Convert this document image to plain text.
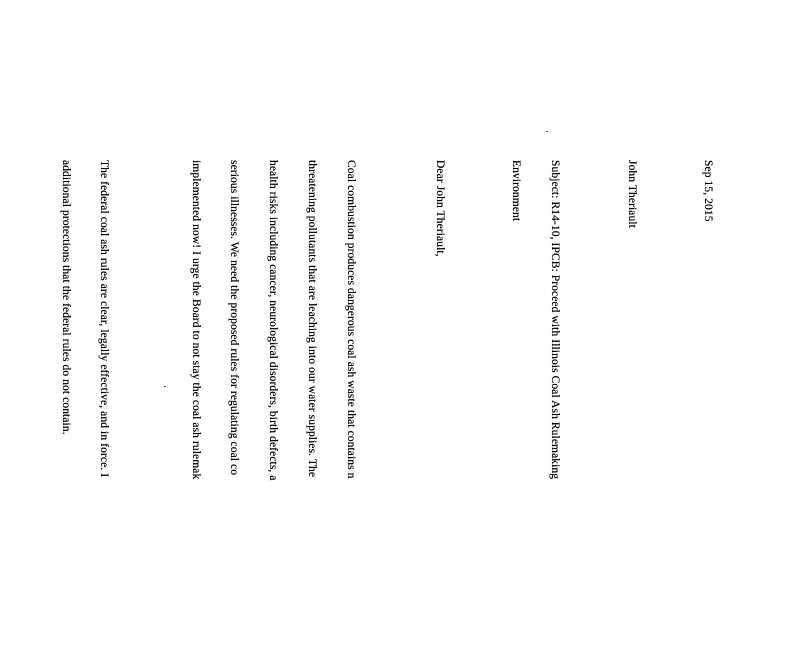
Sep 15, 2015

John Theriault

Subject: R14-10, IPCB: Proceed with Illinois Coal Ash Rulemaking

Environment

Dear John Theriault,

Coal combustion produces dangerous coal ash waste that contains n

threatening pollutants that are leaching into our water supplies. The

health risks including cancer, neurological disorders, birth defects, a

serious illnesses. We need the proposed rules for regulating coal co

implemented now! I urge the Board to not stay the coal ash rulemak

The federal coal ash rules are clear, legally effective, and in force. I

additional protections that the federal rules do not contain.
